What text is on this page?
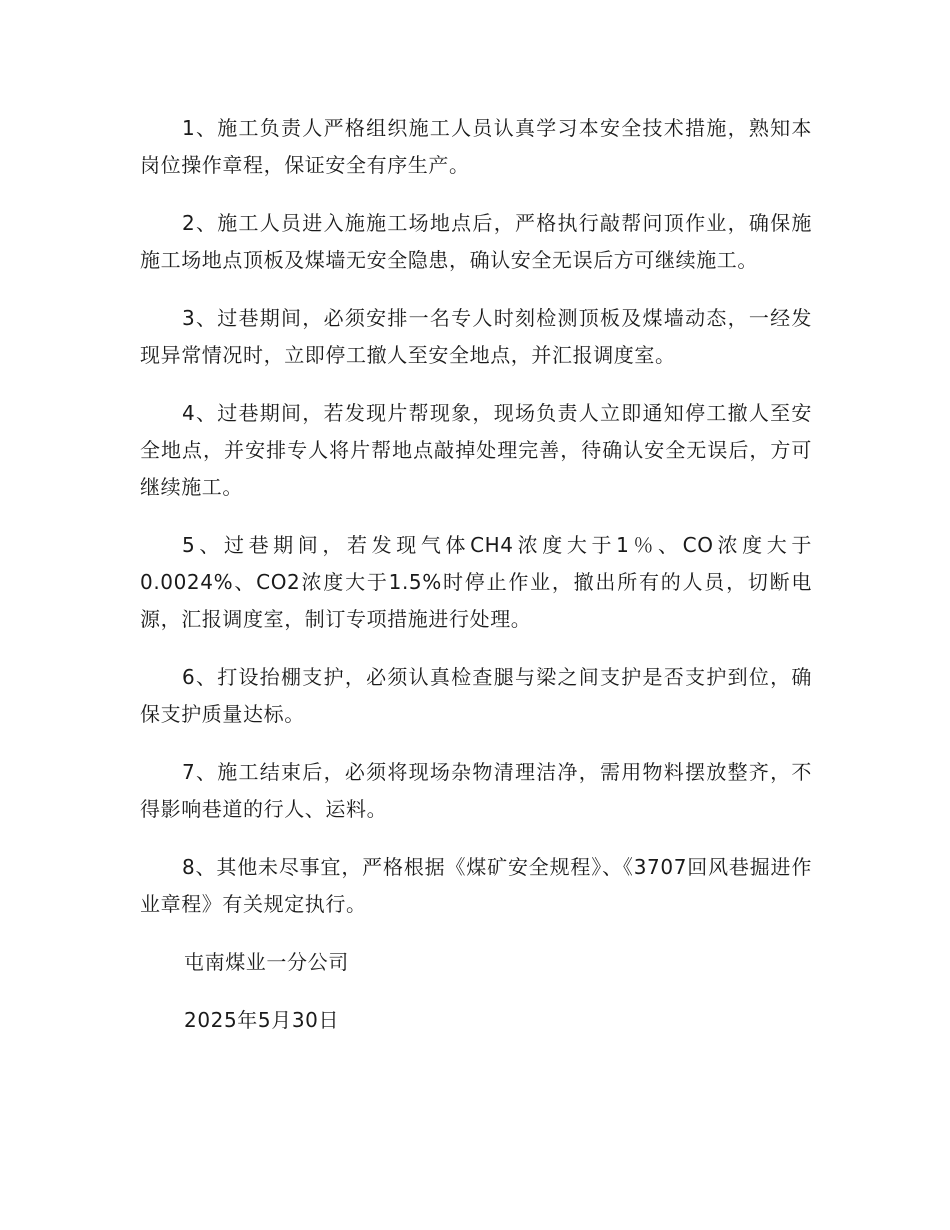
1、施工负责人严格组织施工人员认真学习本安全技术措施，熟知本岗位操作章程，保证安全有序生产。

2、施工人员进入施施工场地点后，严格执行敲帮问顶作业，确保施施工场地点顶板及煤墙无安全隐患，确认安全无误后方可继续施工。

3、过巷期间，必须安排一名专人时刻检测顶板及煤墙动态，一经发现异常情况时，立即停工撤人至安全地点，并汇报调度室。

4、过巷期间，若发现片帮现象，现场负责人立即通知停工撤人至安全地点，并安排专人将片帮地点敲掉处理完善，待确认安全无误后，方可继续施工。

5、过巷期间，若发现气体CH4浓度大于1％、CO浓度大于0.0024%、CO2浓度大于1.5%时停止作业，撤出所有的人员，切断电源，汇报调度室，制订专项措施进行处理。

6、打设抬棚支护，必须认真检查腿与梁之间支护是否支护到位，确保支护质量达标。

7、施工结束后，必须将现场杂物清理洁净，需用物料摆放整齐，不得影响巷道的行人、运料。

8、其他未尽事宜，严格根据《煤矿安全规程》、《3707回风巷掘进作业章程》有关规定执行。

屯南煤业一分公司

2025年5月30日
